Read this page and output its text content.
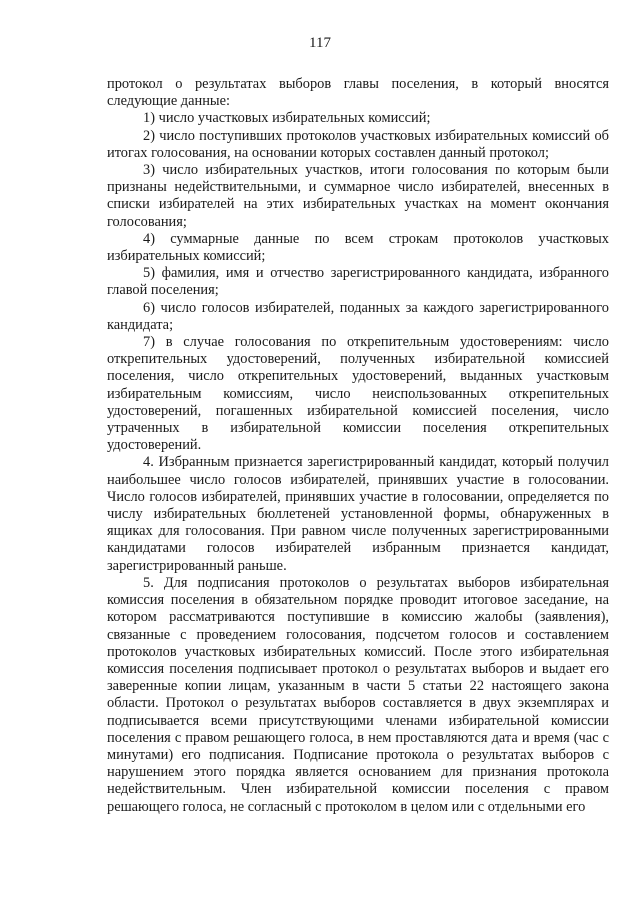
117

протокол о результатах выборов главы поселения, в который вносятся следующие данные:

1) число участковых избирательных комиссий;

2) число поступивших протоколов участковых избирательных комиссий об итогах голосования, на основании которых составлен данный протокол;

3) число избирательных участков, итоги голосования по которым были признаны недействительными, и суммарное число избирателей, внесенных в списки избирателей на этих избирательных участках на момент окончания голосования;

4) суммарные данные по всем строкам протоколов участковых избирательных комиссий;

5) фамилия, имя и отчество зарегистрированного кандидата, избранного главой поселения;

6) число голосов избирателей, поданных за каждого зарегистрированного кандидата;

7) в случае голосования по открепительным удостоверениям: число открепительных удостоверений, полученных избирательной комиссией поселения, число открепительных удостоверений, выданных участковым избирательным комиссиям, число неиспользованных открепительных удостоверений, погашенных избирательной комиссией поселения, число утраченных в избирательной комиссии поселения открепительных удостоверений.

4. Избранным признается зарегистрированный кандидат, который получил наибольшее число голосов избирателей, принявших участие в голосовании. Число голосов избирателей, принявших участие в голосовании, определяется по числу избирательных бюллетеней установленной формы, обнаруженных в ящиках для голосования. При равном числе полученных зарегистрированными кандидатами голосов избирателей избранным признается кандидат, зарегистрированный раньше.

5. Для подписания протоколов о результатах выборов избирательная комиссия поселения в обязательном порядке проводит итоговое заседание, на котором рассматриваются поступившие в комиссию жалобы (заявления), связанные с проведением голосования, подсчетом голосов и составлением протоколов участковых избирательных комиссий. После этого избирательная комиссия поселения подписывает протокол о результатах выборов и выдает его заверенные копии лицам, указанным в части 5 статьи 22 настоящего закона области. Протокол о результатах выборов составляется в двух экземплярах и подписывается всеми присутствующими членами избирательной комиссии поселения с правом решающего голоса, в нем проставляются дата и время (час с минутами) его подписания. Подписание протокола о результатах выборов с нарушением этого порядка является основанием для признания протокола недействительным. Член избирательной комиссии поселения с правом решающего голоса, не согласный с протоколом в целом или с отдельными его
